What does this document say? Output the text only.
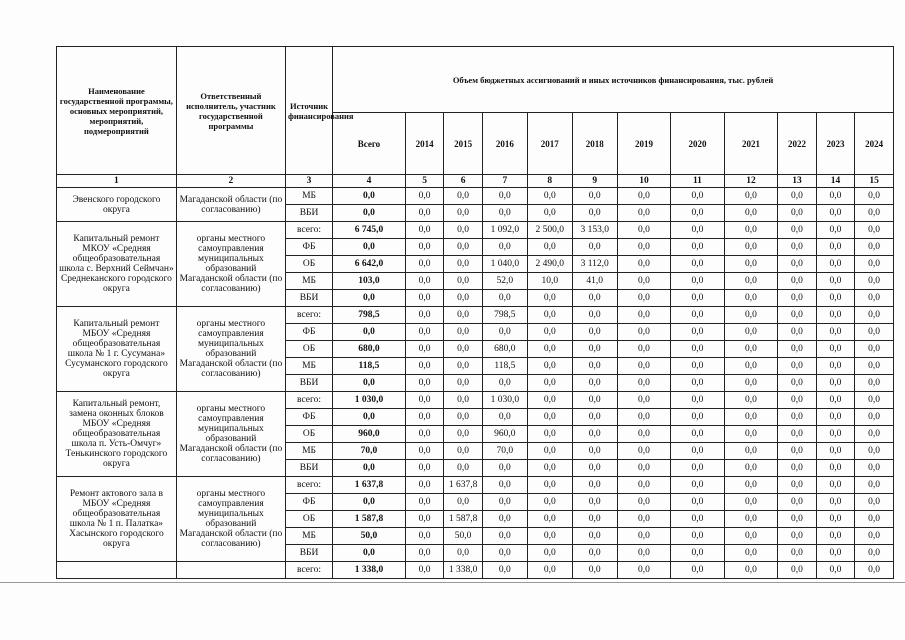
Наименование государственной программы, основных мероприятий, мероприятий, подмероприятий	Ответственный исполнитель, участник государственной программы	Источник финансирования	Объем бюджетных ассигнований и иных источников финансирования, тыс. рублей											
			Всего	2014	2015	2016	2017	2018	2019	2020	2021	2022	2023	2024
1	2	3	4	5	6	7	8	9	10	11	12	13	14	15
Эвенского городского округа	Магаданской области (по согласованию)	МБ	0,0	0,0	0,0	0,0	0,0	0,0	0,0	0,0	0,0	0,0	0,0	0,0
		ВБИ	0,0	0,0	0,0	0,0	0,0	0,0	0,0	0,0	0,0	0,0	0,0	0,0
Капитальный ремонт МКОУ «Средняя общеобразовательная школа с. Верхний Сеймчан» Среднеканского городского округа	органы местного самоуправления муниципальных образований Магаданской области (по согласованию)	всего:	6 745,0	0,0	0,0	1 092,0	2 500,0	3 153,0	0,0	0,0	0,0	0,0	0,0	0,0
		ФБ	0,0	0,0	0,0	0,0	0,0	0,0	0,0	0,0	0,0	0,0	0,0	0,0
		ОБ	6 642,0	0,0	0,0	1 040,0	2 490,0	3 112,0	0,0	0,0	0,0	0,0	0,0	0,0
		МБ	103,0	0,0	0,0	52,0	10,0	41,0	0,0	0,0	0,0	0,0	0,0	0,0
		ВБИ	0,0	0,0	0,0	0,0	0,0	0,0	0,0	0,0	0,0	0,0	0,0	0,0
Капитальный ремонт МБОУ «Средняя общеобразовательная школа № 1 г. Сусумана» Сусуманского городского округа	органы местного самоуправления муниципальных образований Магаданской области (по согласованию)	всего:	798,5	0,0	0,0	798,5	0,0	0,0	0,0	0,0	0,0	0,0	0,0	0,0
		ФБ	0,0	0,0	0,0	0,0	0,0	0,0	0,0	0,0	0,0	0,0	0,0	0,0
		ОБ	680,0	0,0	0,0	680,0	0,0	0,0	0,0	0,0	0,0	0,0	0,0	0,0
		МБ	118,5	0,0	0,0	118,5	0,0	0,0	0,0	0,0	0,0	0,0	0,0	0,0
		ВБИ	0,0	0,0	0,0	0,0	0,0	0,0	0,0	0,0	0,0	0,0	0,0	0,0
Капитальный ремонт, замена оконных блоков МБОУ «Средняя общеобразовательная школа п. Усть-Омчуг» Тенькинского городского округа	органы местного самоуправления муниципальных образований Магаданской области (по согласованию)	всего:	1 030,0	0,0	0,0	1 030,0	0,0	0,0	0,0	0,0	0,0	0,0	0,0	0,0
		ФБ	0,0	0,0	0,0	0,0	0,0	0,0	0,0	0,0	0,0	0,0	0,0	0,0
		ОБ	960,0	0,0	0,0	960,0	0,0	0,0	0,0	0,0	0,0	0,0	0,0	0,0
		МБ	70,0	0,0	0,0	70,0	0,0	0,0	0,0	0,0	0,0	0,0	0,0	0,0
		ВБИ	0,0	0,0	0,0	0,0	0,0	0,0	0,0	0,0	0,0	0,0	0,0	0,0
Ремонт актового зала в МБОУ «Средняя общеобразовательная школа № 1 п. Палатка» Хасынского городского округа	органы местного самоуправления муниципальных образований Магаданской области (по согласованию)	всего:	1 637,8	0,0	1 637,8	0,0	0,0	0,0	0,0	0,0	0,0	0,0	0,0	0,0
		ФБ	0,0	0,0	0,0	0,0	0,0	0,0	0,0	0,0	0,0	0,0	0,0	0,0
		ОБ	1 587,8	0,0	1 587,8	0,0	0,0	0,0	0,0	0,0	0,0	0,0	0,0	0,0
		МБ	50,0	0,0	50,0	0,0	0,0	0,0	0,0	0,0	0,0	0,0	0,0	0,0
		ВБИ	0,0	0,0	0,0	0,0	0,0	0,0	0,0	0,0	0,0	0,0	0,0	0,0
		всего:	1 338,0	0,0	1 338,0	0,0	0,0	0,0	0,0	0,0	0,0	0,0	0,0	0,0
